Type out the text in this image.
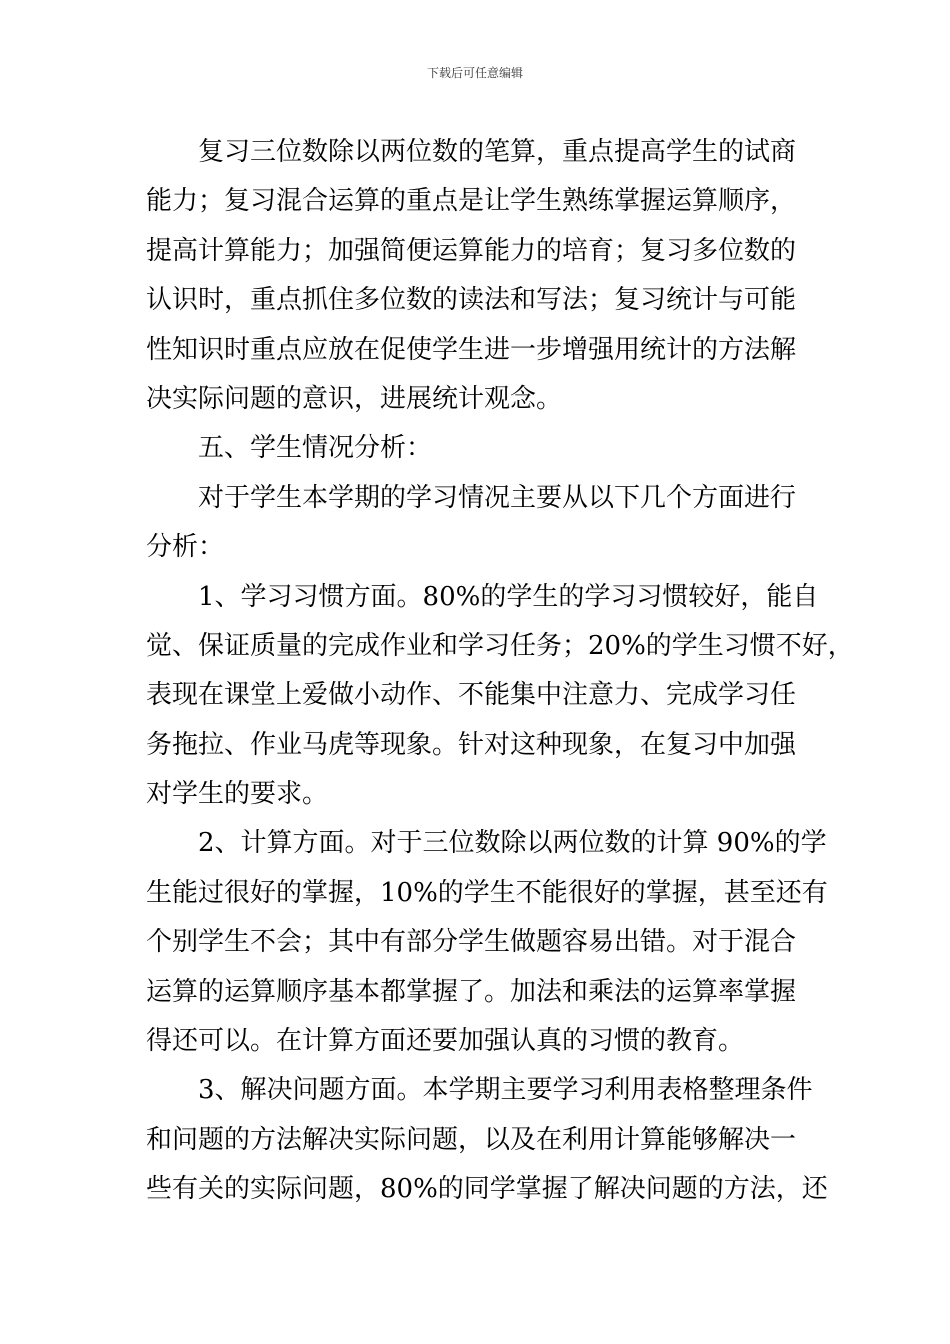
下载后可任意编辑
复习三位数除以两位数的笔算，重点提高学生的试商
能力；复习混合运算的重点是让学生熟练掌握运算顺序，
提高计算能力；加强简便运算能力的培育；复习多位数的
认识时，重点抓住多位数的读法和写法；复习统计与可能
性知识时重点应放在促使学生进一步增强用统计的方法解
决实际问题的意识，进展统计观念。
五、学生情况分析：
对于学生本学期的学习情况主要从以下几个方面进行
分析：
1、学习习惯方面。80%的学生的学习习惯较好，能自
觉、保证质量的完成作业和学习任务；20%的学生习惯不好，
表现在课堂上爱做小动作、不能集中注意力、完成学习任
务拖拉、作业马虎等现象。针对这种现象，在复习中加强
对学生的要求。
2、计算方面。对于三位数除以两位数的计算 90%的学
生能过很好的掌握，10%的学生不能很好的掌握，甚至还有
个别学生不会；其中有部分学生做题容易出错。对于混合
运算的运算顺序基本都掌握了。加法和乘法的运算率掌握
得还可以。在计算方面还要加强认真的习惯的教育。
3、解决问题方面。本学期主要学习利用表格整理条件
和问题的方法解决实际问题，以及在利用计算能够解决一
些有关的实际问题，80%的同学掌握了解决问题的方法，还
